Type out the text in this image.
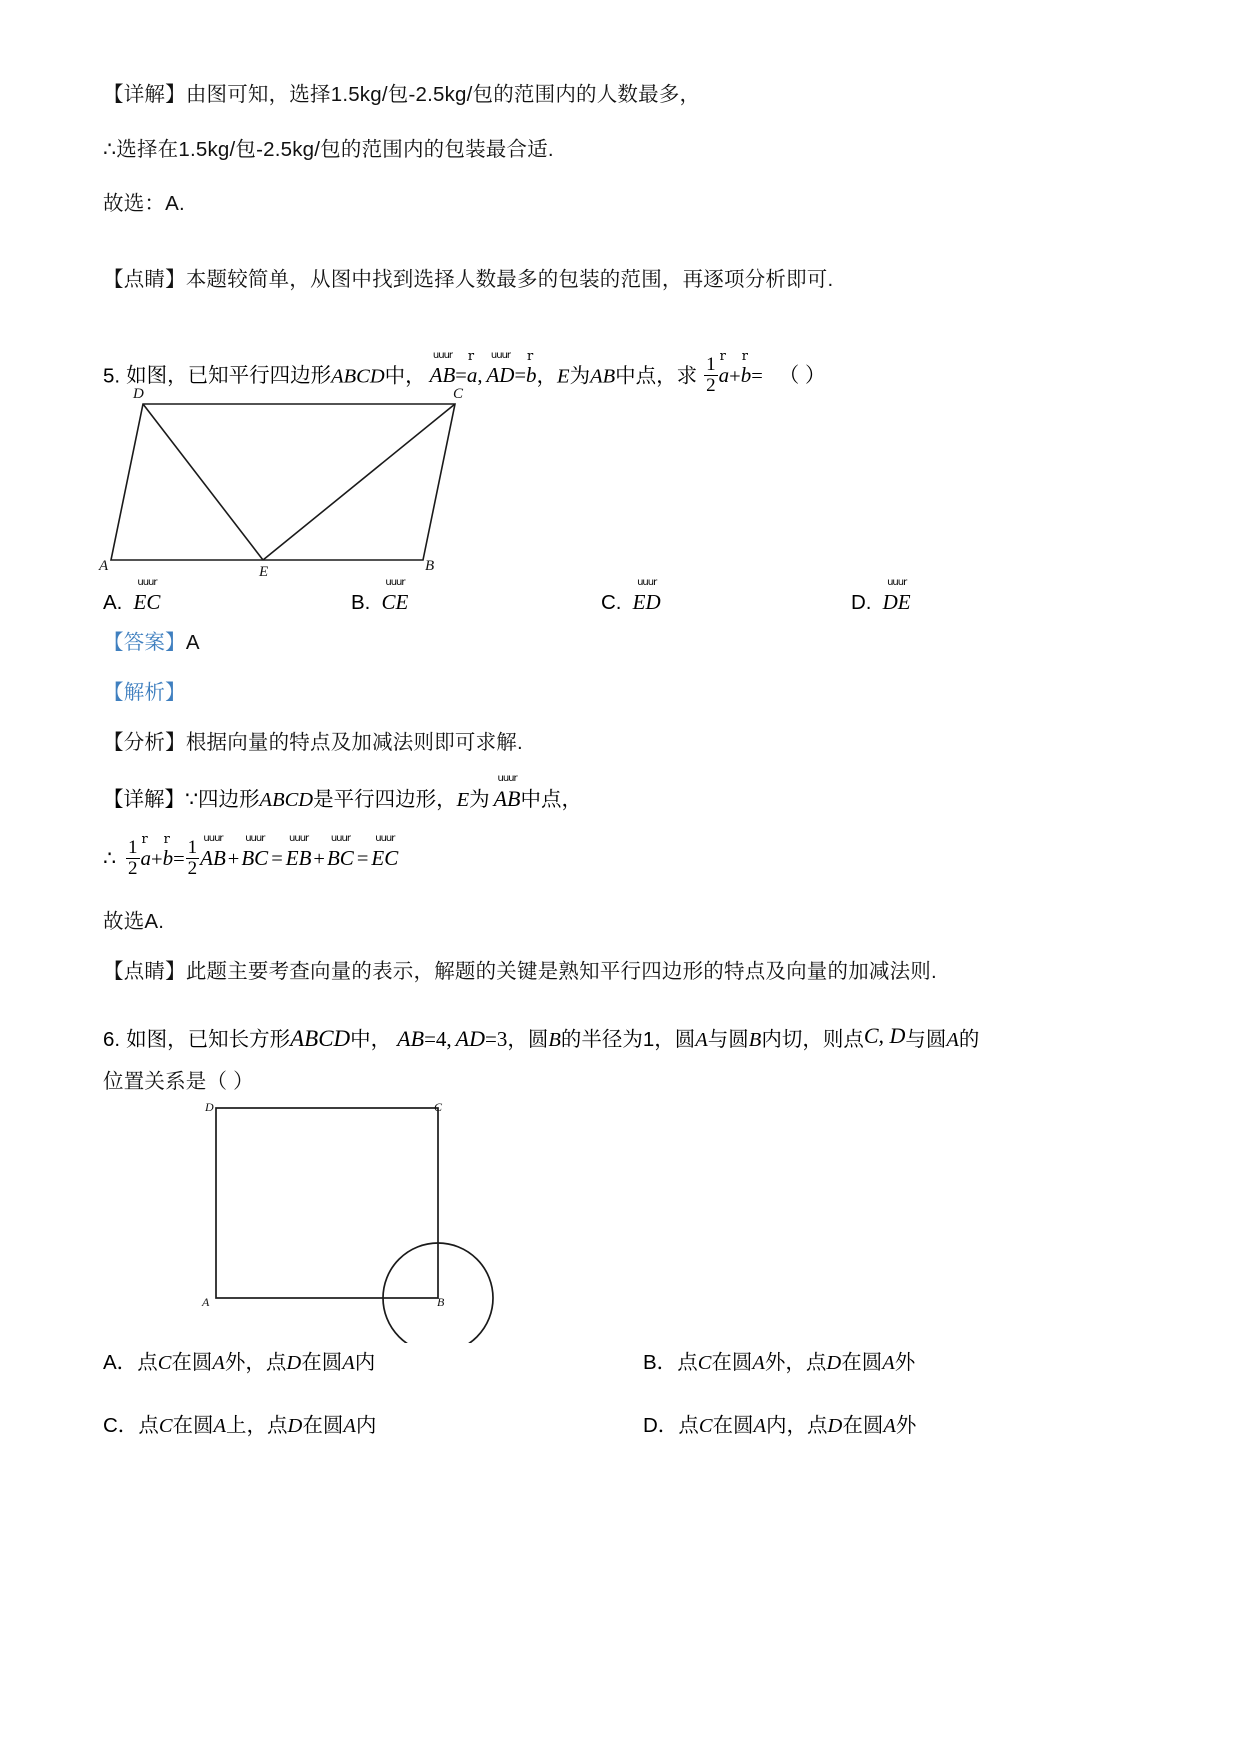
【详解】由图可知，选择1.5kg/包-2.5kg/包的范围内的人数最多，
∴选择在1.5kg/包-2.5kg/包的范围内的包装最合适.
故选：A.
【点睛】本题较简单，从图中找到选择人数最多的包装的范围，再逐项分析即可.
5. 如图，已知平行四边形ABCD中，
uuur
AB=
r
a,
uuur
AD=
r
b，E为AB中点，求 $\frac{1}{2}$ r
a+
r
b= （ ）
D	C
A	B
E
A.
uuur
EC	B.
uuur
CE	C.
uuur
ED	D.
uuur
DE
【答案】A
【解析】
【分析】根据向量的特点及加减法则即可求解.
【详解】∵四边形ABCD是平行四边形，E为
uuur
AB中点，
∴ $\frac{1}{2}$ r
a+
r
$b= \frac{1}{2}$ uuur
AB+
uuur
BC =
uuur
EB+
uuur
BC =
uuur
EC
故选A.
【点睛】此题主要考查向量的表示，解题的关键是熟知平行四边形的特点及向量的加减法则.
6. 如图，已知长方形ABCD中， AB=4, AD=3，圆B的半径为1，圆A与圆B内切，则点C, D与圆A的
位置关系是（ ）
D	C
A	B
A．点C在圆A外，点D在圆A内	B．点C在圆A外，点D在圆A外
C．点C在圆A上，点D在圆A内	D．点C在圆A内，点D在圆A外
